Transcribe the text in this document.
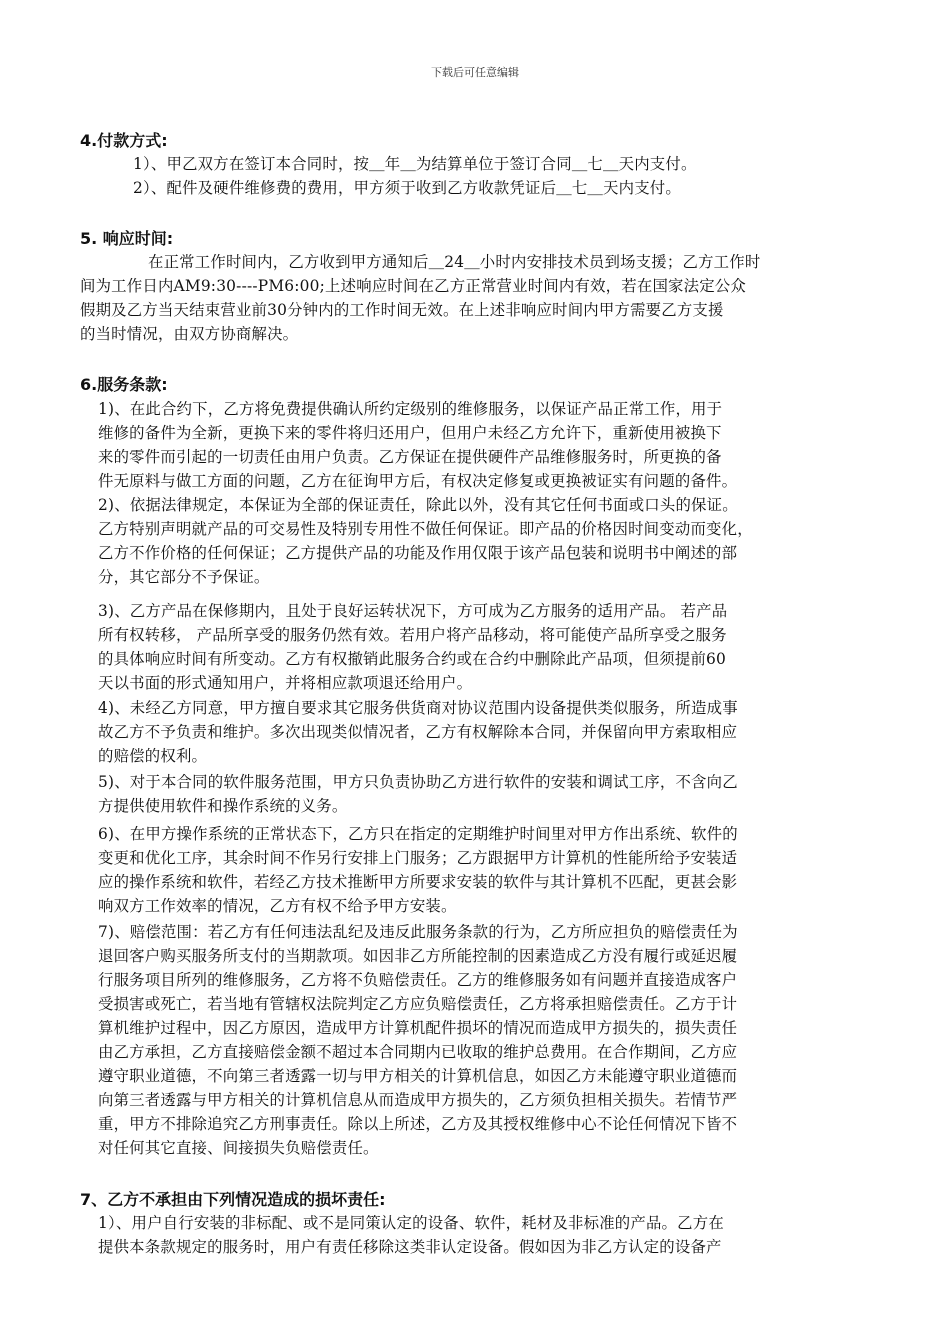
下载后可任意编辑
4.付款方式:
1）、甲乙双方在签订本合同时，按＿年＿为结算单位于签订合同＿七＿天内支付。
2）、配件及硬件维修费的费用，甲方须于收到乙方收款凭证后＿七＿天内支付。
5. 响应时间:
在正常工作时间内，乙方收到甲方通知后＿24＿小时内安排技术员到场支援；乙方工作时
间为工作日内AM9:30----PM6:00;上述响应时间在乙方正常营业时间内有效，若在国家法定公众
假期及乙方当天结束营业前30分钟内的工作时间无效。在上述非响应时间内甲方需要乙方支援
的当时情况，由双方协商解决。
6.服务条款:
1)、在此合约下，乙方将免费提供确认所约定级别的维修服务，以保证产品正常工作，用于
维修的备件为全新，更换下来的零件将归还用户，但用户未经乙方允许下，重新使用被换下
来的零件而引起的一切责任由用户负责。乙方保证在提供硬件产品维修服务时，所更换的备
件无原料与做工方面的问题，乙方在征询甲方后，有权决定修复或更换被证实有问题的备件。
2)、依据法律规定，本保证为全部的保证责任，除此以外，没有其它任何书面或口头的保证。
乙方特别声明就产品的可交易性及特别专用性不做任何保证。即产品的价格因时间变动而变化，
乙方不作价格的任何保证；乙方提供产品的功能及作用仅限于该产品包装和说明书中阐述的部
分，其它部分不予保证。
3)、乙方产品在保修期内，且处于良好运转状况下，方可成为乙方服务的适用产品。 若产品
所有权转移， 产品所享受的服务仍然有效。若用户将产品移动，将可能使产品所享受之服务
的具体响应时间有所变动。乙方有权撤销此服务合约或在合约中删除此产品项，但须提前60
天以书面的形式通知用户，并将相应款项退还给用户。
4)、未经乙方同意，甲方擅自要求其它服务供货商对协议范围内设备提供类似服务，所造成事
故乙方不予负责和维护。多次出现类似情况者，乙方有权解除本合同，并保留向甲方索取相应
的赔偿的权利。
5)、对于本合同的软件服务范围，甲方只负责协助乙方进行软件的安装和调试工序，不含向乙
方提供使用软件和操作系统的义务。
6)、在甲方操作系统的正常状态下，乙方只在指定的定期维护时间里对甲方作出系统、软件的
变更和优化工序，其余时间不作另行安排上门服务；乙方跟据甲方计算机的性能所给予安装适
应的操作系统和软件，若经乙方技术推断甲方所要求安装的软件与其计算机不匹配，更甚会影
响双方工作效率的情况，乙方有权不给予甲方安装。
7)、赔偿范围：若乙方有任何违法乱纪及违反此服务条款的行为，乙方所应担负的赔偿责任为
退回客户购买服务所支付的当期款项。如因非乙方所能控制的因素造成乙方没有履行或延迟履
行服务项目所列的维修服务，乙方将不负赔偿责任。乙方的维修服务如有问题并直接造成客户
受损害或死亡，若当地有管辖权法院判定乙方应负赔偿责任，乙方将承担赔偿责任。乙方于计
算机维护过程中，因乙方原因，造成甲方计算机配件损坏的情况而造成甲方损失的，损失责任
由乙方承担，乙方直接赔偿金额不超过本合同期内已收取的维护总费用。在合作期间，乙方应
遵守职业道德，不向第三者透露一切与甲方相关的计算机信息，如因乙方未能遵守职业道德而
向第三者透露与甲方相关的计算机信息从而造成甲方损失的，乙方须负担相关损失。若情节严
重，甲方不排除追究乙方刑事责任。除以上所述，乙方及其授权维修中心不论任何情况下皆不
对任何其它直接、间接损失负赔偿责任。
7、乙方不承担由下列情况造成的损坏责任:
1）、用户自行安装的非标配、或不是同策认定的设备、软件，耗材及非标准的产品。乙方在
提供本条款规定的服务时，用户有责任移除这类非认定设备。假如因为非乙方认定的设备产
